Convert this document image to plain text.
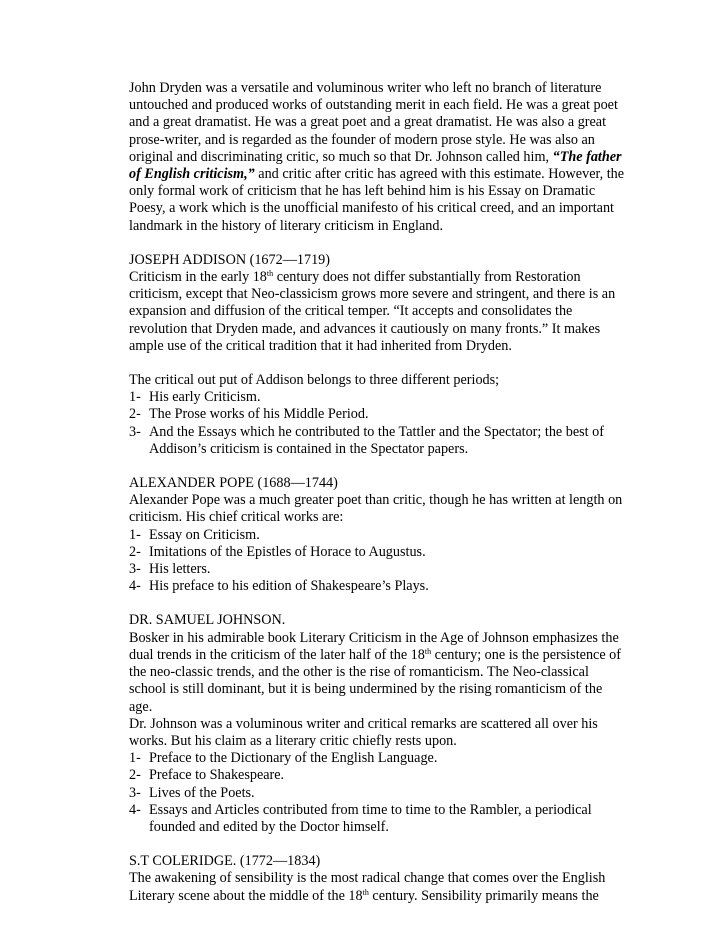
John Dryden was a versatile and voluminous writer who left no branch of literature untouched and produced works of outstanding merit in each field. He was a great poet and a great dramatist. He was a great poet and a great dramatist. He was also a great prose-writer, and is regarded as the founder of modern prose style. He was also an original and discriminating critic, so much so that Dr. Johnson called him, “The father of English criticism,” and critic after critic has agreed with this estimate. However, the only formal work of criticism that he has left behind him is his Essay on Dramatic Poesy, a work which is the unofficial manifesto of his critical creed, and an important landmark in the history of literary criticism in England.

JOSEPH ADDISON (1672—1719)

Criticism in the early 18th century does not differ substantially from Restoration criticism, except that Neo-classicism grows more severe and stringent, and there is an expansion and diffusion of the critical temper. “It accepts and consolidates the revolution that Dryden made, and advances it cautiously on many fronts.” It makes ample use of the critical tradition that it had inherited from Dryden.

The critical out put of Addison belongs to three different periods;

1- His early Criticism.
2- The Prose works of his Middle Period.
3- And the Essays which he contributed to the Tattler and the Spectator; the best of Addison’s criticism is contained in the Spectator papers.

ALEXANDER POPE (1688—1744)

Alexander Pope was a much greater poet than critic, though he has written at length on criticism. His chief critical works are:

1- Essay on Criticism.
2- Imitations of the Epistles of Horace to Augustus.
3- His letters.
4- His preface to his edition of Shakespeare’s Plays.

DR. SAMUEL JOHNSON.

Bosker in his admirable book Literary Criticism in the Age of Johnson emphasizes the dual trends in the criticism of the later half of the 18th century; one is the persistence of the neo-classic trends, and the other is the rise of romanticism. The Neo-classical school is still dominant, but it is being undermined by the rising romanticism of the age.

Dr. Johnson was a voluminous writer and critical remarks are scattered all over his works. But his claim as a literary critic chiefly rests upon.

1- Preface to the Dictionary of the English Language.
2- Preface to Shakespeare.
3- Lives of the Poets.
4- Essays and Articles contributed from time to time to the Rambler, a periodical founded and edited by the Doctor himself.

S.T COLERIDGE. (1772—1834)

The awakening of sensibility is the most radical change that comes over the English Literary scene about the middle of the 18th century. Sensibility primarily means the
